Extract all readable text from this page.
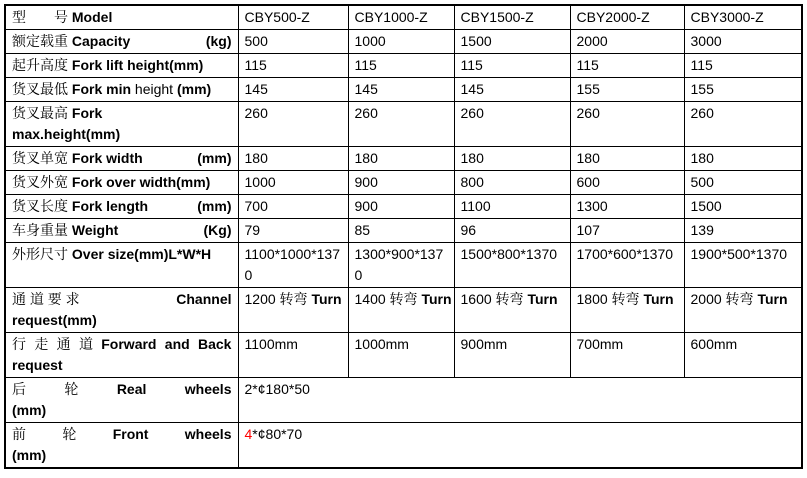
型　　号 Model	CBY500-Z	CBY1000-Z	CBY1500-Z	CBY2000-Z	CBY3000-Z

额定载重 Capacity (kg)	500	1000	1500	2000	3000

起升高度 Fork lift height(mm)	115	115	115	115	115

货叉最低 Fork min height (mm)	145	145	145	155	155

货叉最高 Fork
max.height(mm)	260	260	260	260	260

货叉单宽 Fork width (mm)	180	180	180	180	180

货叉外宽 Fork over width(mm)	1000	900	800	600	500

货叉长度 Fork length (mm)	700	900	1100	1300	1500

车身重量 Weight (Kg)	79	85	96	107	139

外形尺寸 Over size(mm)L*W*H	1100*1000*1370	1300*900*1370	1500*800*1370	1700*600*1370	1900*500*1370

通 道 要 求 Channel
request(mm)	1200 转弯 Turn	1400 转弯 Turn	1600 转弯 Turn	1800 转弯 Turn	2000 转弯 Turn

行 走 通 道 Forward and Back
request
	1100mm	1000mm	900mm	700mm	600mm

后 轮 Real wheels
(mm)	2*¢180*50				

前 轮 Front wheels
(mm)	4*¢80*70				
